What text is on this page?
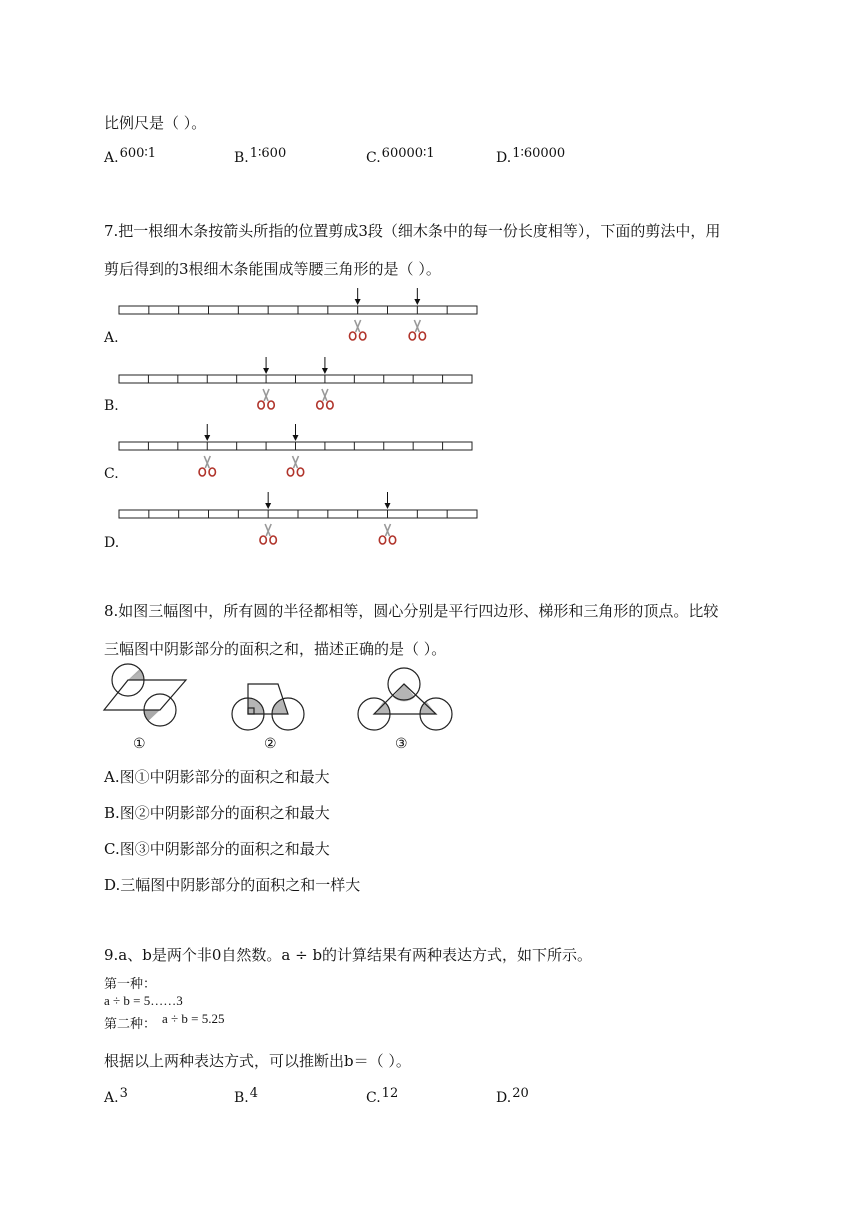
比例尺是（ ）。
A.600∶1	B.1∶600	C.60000∶1	D.1∶60000
7.把一根细木条按箭头所指的位置剪成3段（细木条中的每一份长度相等），下面的剪法中，用
剪后得到的3根细木条能围成等腰三角形的是（ ）。
A.
B.
C.
D.
8.如图三幅图中，所有圆的半径都相等，圆心分别是平行四边形、梯形和三角形的顶点。比较
三幅图中阴影部分的面积之和，描述正确的是（ ）。
①	②	③
A.图①中阴影部分的面积之和最大
B.图②中阴影部分的面积之和最大
C.图③中阴影部分的面积之和最大
D.三幅图中阴影部分的面积之和一样大
9.a、b是两个非0自然数。a ÷ b的计算结果有两种表达方式，如下所示。
第一种：
a ÷ b = 5……3
第二种： a ÷ b = 5.25
根据以上两种表达方式，可以推断出b＝（ ）。
A.3	B.4	C.12	D.20
